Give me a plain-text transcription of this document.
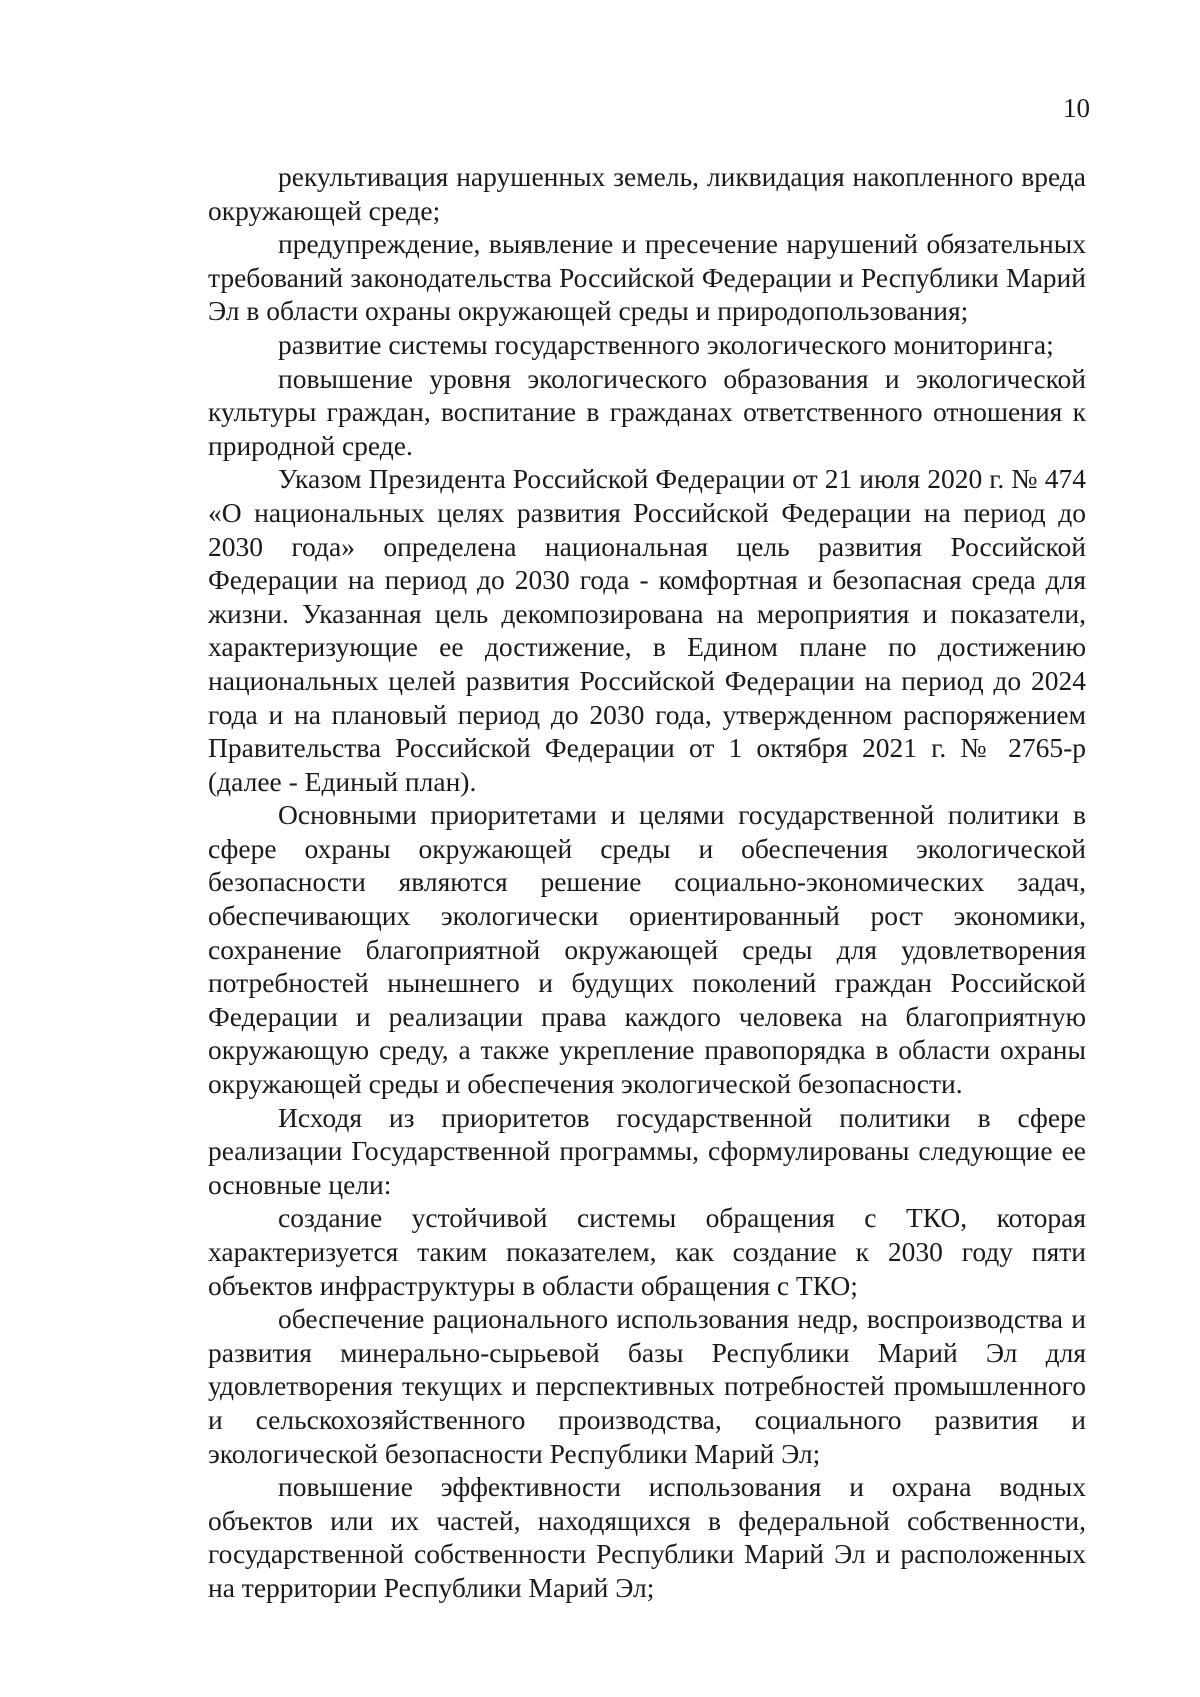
10

рекультивация нарушенных земель, ликвидация накопленного вреда окружающей среде;

предупреждение, выявление и пресечение нарушений обязательных требований законодательства Российской Федерации и Республики Марий Эл в области охраны окружающей среды и природопользования;

развитие системы государственного экологического мониторинга;

повышение уровня экологического образования и экологической культуры граждан, воспитание в гражданах ответственного отношения к природной среде.

Указом Президента Российской Федерации от 21 июля 2020 г. № 474 «О национальных целях развития Российской Федерации на период до 2030 года» определена национальная цель развития Российской Федерации на период до 2030 года - комфортная и безопасная среда для жизни. Указанная цель декомпозирована на мероприятия и показатели, характеризующие ее достижение, в Едином плане по достижению национальных целей развития Российской Федерации на период до 2024 года и на плановый период до 2030 года, утвержденном распоряжением Правительства Российской Федерации от 1 октября 2021 г. № 2765-р (далее - Единый план).

Основными приоритетами и целями государственной политики в сфере охраны окружающей среды и обеспечения экологической безопасности являются решение социально-экономических задач, обеспечивающих экологически ориентированный рост экономики, сохранение благоприятной окружающей среды для удовлетворения потребностей нынешнего и будущих поколений граждан Российской Федерации и реализации права каждого человека на благоприятную окружающую среду, а также укрепление правопорядка в области охраны окружающей среды и обеспечения экологической безопасности.

Исходя из приоритетов государственной политики в сфере реализации Государственной программы, сформулированы следующие ее основные цели:

создание устойчивой системы обращения с ТКО, которая характеризуется таким показателем, как создание к 2030 году пяти объектов инфраструктуры в области обращения с ТКО;

обеспечение рационального использования недр, воспроизводства и развития минерально-сырьевой базы Республики Марий Эл для удовлетворения текущих и перспективных потребностей промышленного и сельскохозяйственного производства, социального развития и экологической безопасности Республики Марий Эл;

повышение эффективности использования и охрана водных объектов или их частей, находящихся в федеральной собственности, государственной собственности Республики Марий Эл и расположенных на территории Республики Марий Эл;
